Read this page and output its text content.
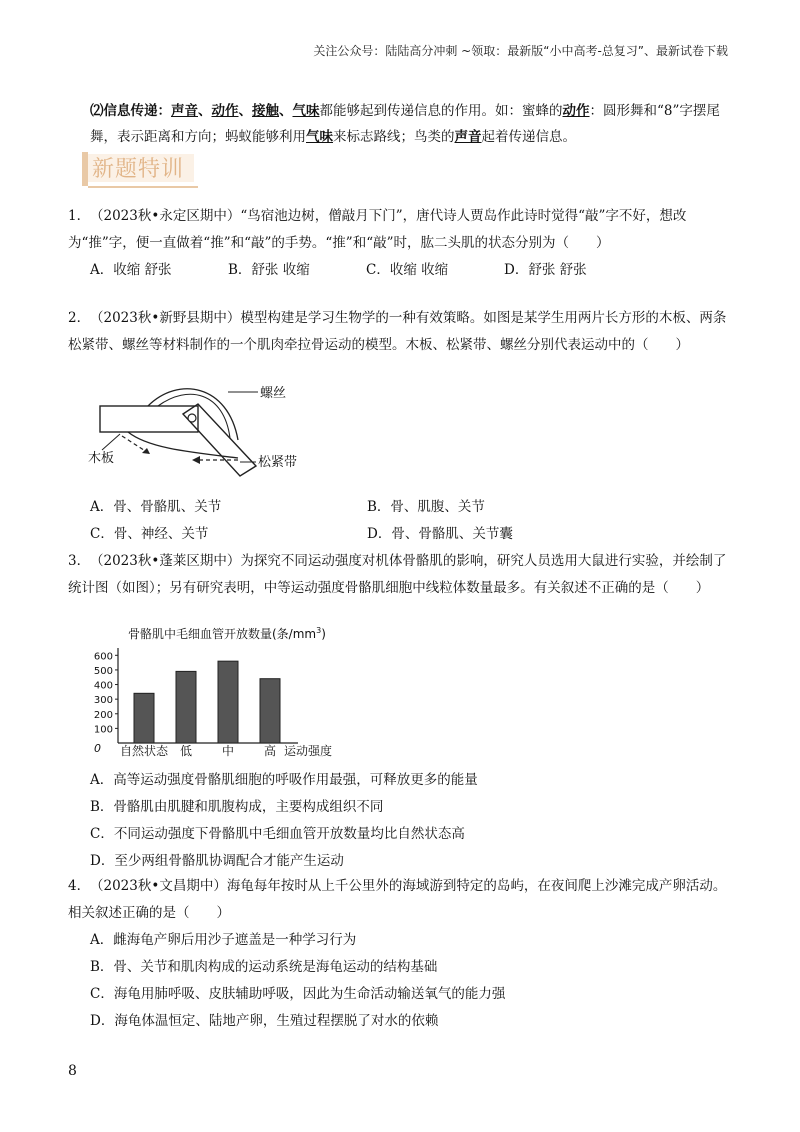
关注公众号：陆陆高分冲刺 ~领取：最新版“小中高考-总复习”、最新试卷下载
⑵信息传递：声音、动作、接触、气味都能够起到传递信息的作用。如：蜜蜂的动作：圆形舞和“8”字摆尾舞，表示距离和方向；蚂蚁能够利用气味来标志路线；鸟类的声音起着传递信息。
新题特训
1．（2023秋•永定区期中）“鸟宿池边树，僧敲月下门”，唐代诗人贾岛作此诗时觉得“敲”字不好，想改为“推”字，便一直做着“推”和“敲”的手势。“推”和“敲”时，肱二头肌的状态分别为（　　）
A．收缩 舒张	B．舒张 收缩	C．收缩 收缩	D．舒张 舒张
2．（2023秋•新野县期中）模型构建是学习生物学的一种有效策略。如图是某学生用两片长方形的木板、两条松紧带、螺丝等材料制作的一个肌肉牵拉骨运动的模型。木板、松紧带、螺丝分别代表运动中的（　　）
螺丝
木板	松紧带
A．骨、骨骼肌、关节	B．骨、肌腹、关节
C．骨、神经、关节	D．骨、骨骼肌、关节囊
3．（2023秋•蓬莱区期中）为探究不同运动强度对机体骨骼肌的影响，研究人员选用大鼠进行实验，并绘制了统计图（如图）；另有研究表明，中等运动强度骨骼肌细胞中线粒体数量最多。有关叙述不正确的是（　　）
骨骼肌中毛细血管开放数量(条$/mm^3$)
0
100
200
300
400
500
600
自然状态 低 中 高 运动强度
A．高等运动强度骨骼肌细胞的呼吸作用最强，可释放更多的能量
B．骨骼肌由肌腱和肌腹构成，主要构成组织不同
C．不同运动强度下骨骼肌中毛细血管开放数量均比自然状态高
D．至少两组骨骼肌协调配合才能产生运动
4．（2023秋•文昌期中）海龟每年按时从上千公里外的海域游到特定的岛屿，在夜间爬上沙滩完成产卵活动。相关叙述正确的是（　　）
A．雌海龟产卵后用沙子遮盖是一种学习行为
B．骨、关节和肌肉构成的运动系统是海龟运动的结构基础
C．海龟用肺呼吸、皮肤辅助呼吸，因此为生命活动输送氧气的能力强
D．海龟体温恒定、陆地产卵，生殖过程摆脱了对水的依赖
8
